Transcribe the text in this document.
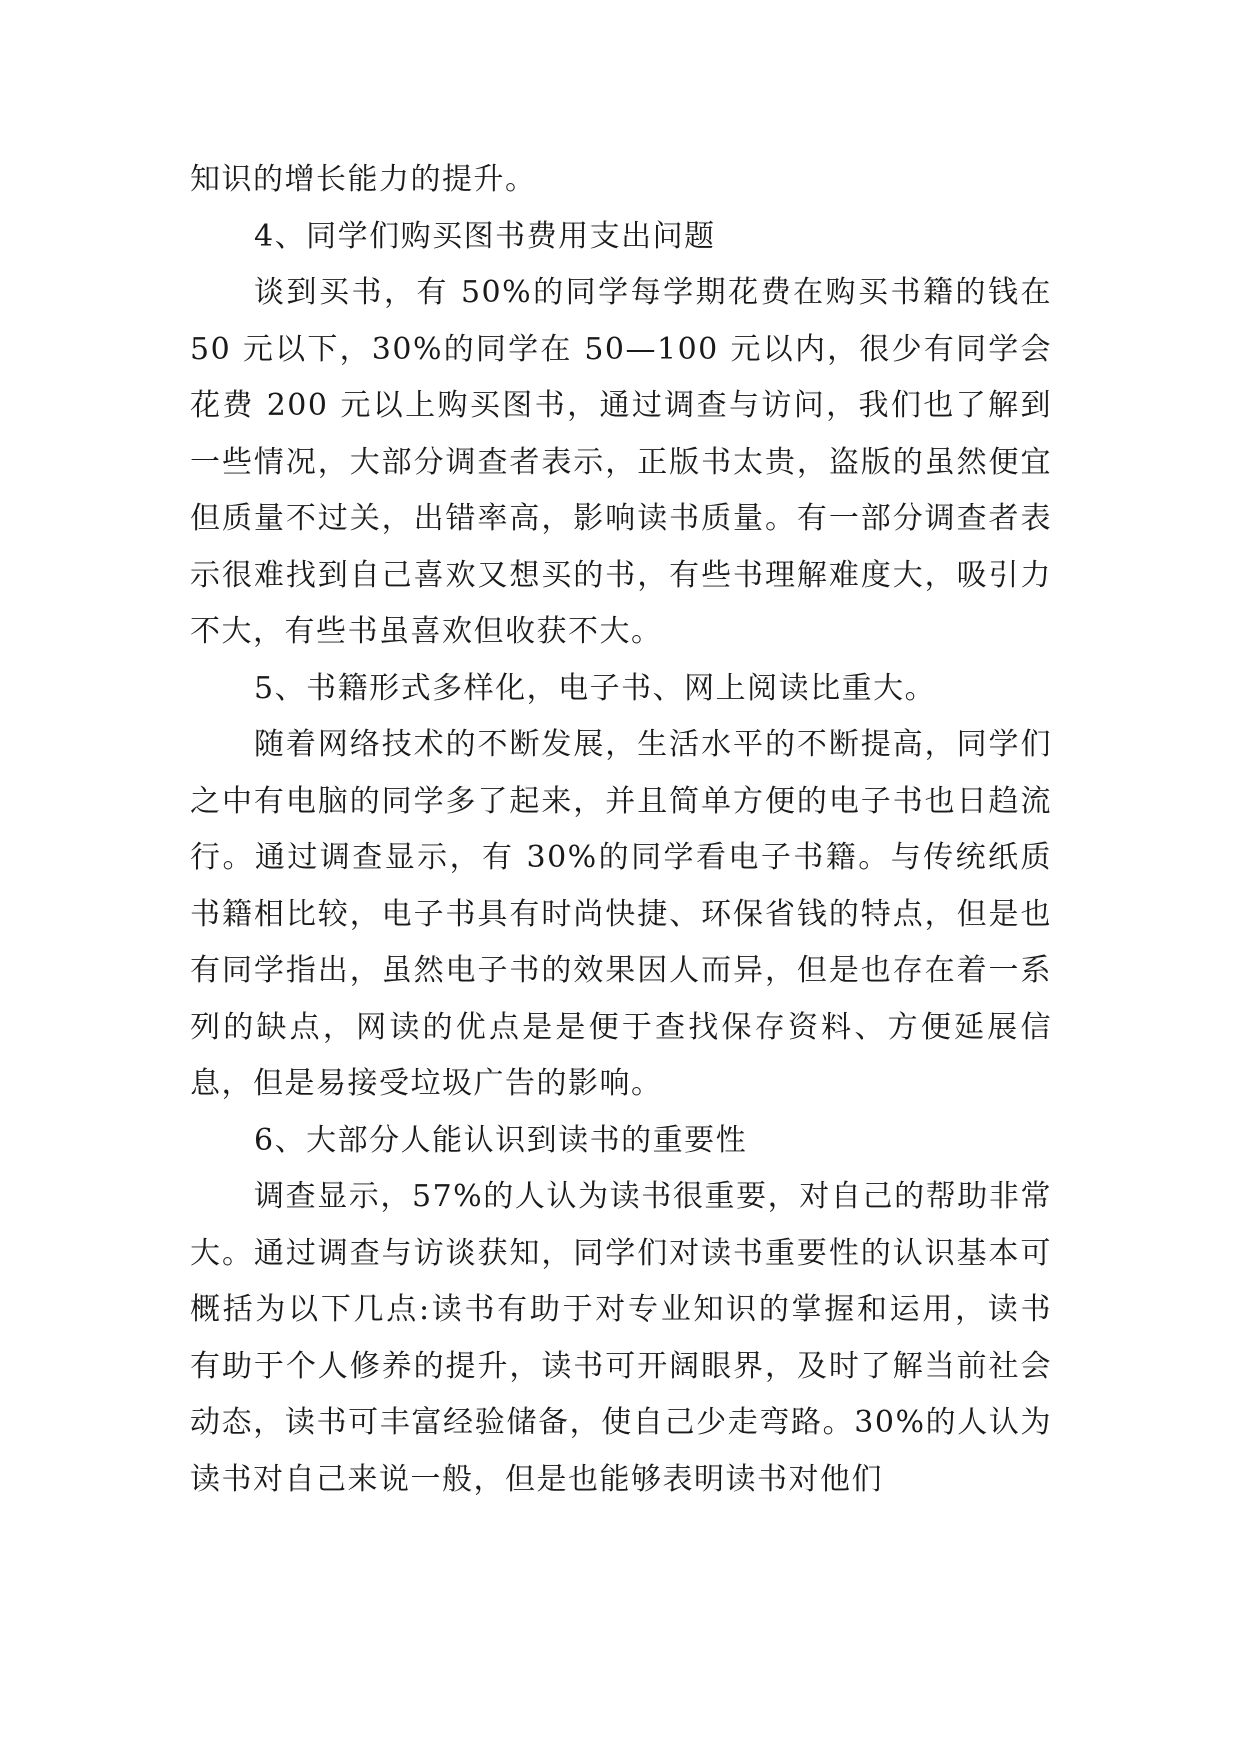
知识的增长能力的提升。

4、同学们购买图书费用支出问题

谈到买书，有 50%的同学每学期花费在购买书籍的钱在 50 元以下，30%的同学在 50—100 元以内，很少有同学会花费 200 元以上购买图书，通过调查与访问，我们也了解到一些情况，大部分调查者表示，正版书太贵，盗版的虽然便宜但质量不过关，出错率高，影响读书质量。有一部分调查者表示很难找到自己喜欢又想买的书，有些书理解难度大，吸引力不大，有些书虽喜欢但收获不大。

5、书籍形式多样化，电子书、网上阅读比重大。

随着网络技术的不断发展，生活水平的不断提高，同学们之中有电脑的同学多了起来，并且简单方便的电子书也日趋流行。通过调查显示，有 30%的同学看电子书籍。与传统纸质书籍相比较，电子书具有时尚快捷、环保省钱的特点，但是也有同学指出，虽然电子书的效果因人而异，但是也存在着一系列的缺点，网读的优点是是便于查找保存资料、方便延展信息，但是易接受垃圾广告的影响。

6、大部分人能认识到读书的重要性

调查显示，57%的人认为读书很重要，对自己的帮助非常大。通过调查与访谈获知，同学们对读书重要性的认识基本可概括为以下几点:读书有助于对专业知识的掌握和运用，读书有助于个人修养的提升，读书可开阔眼界，及时了解当前社会动态，读书可丰富经验储备，使自己少走弯路。30%的人认为读书对自己来说一般，但是也能够表明读书对他们
